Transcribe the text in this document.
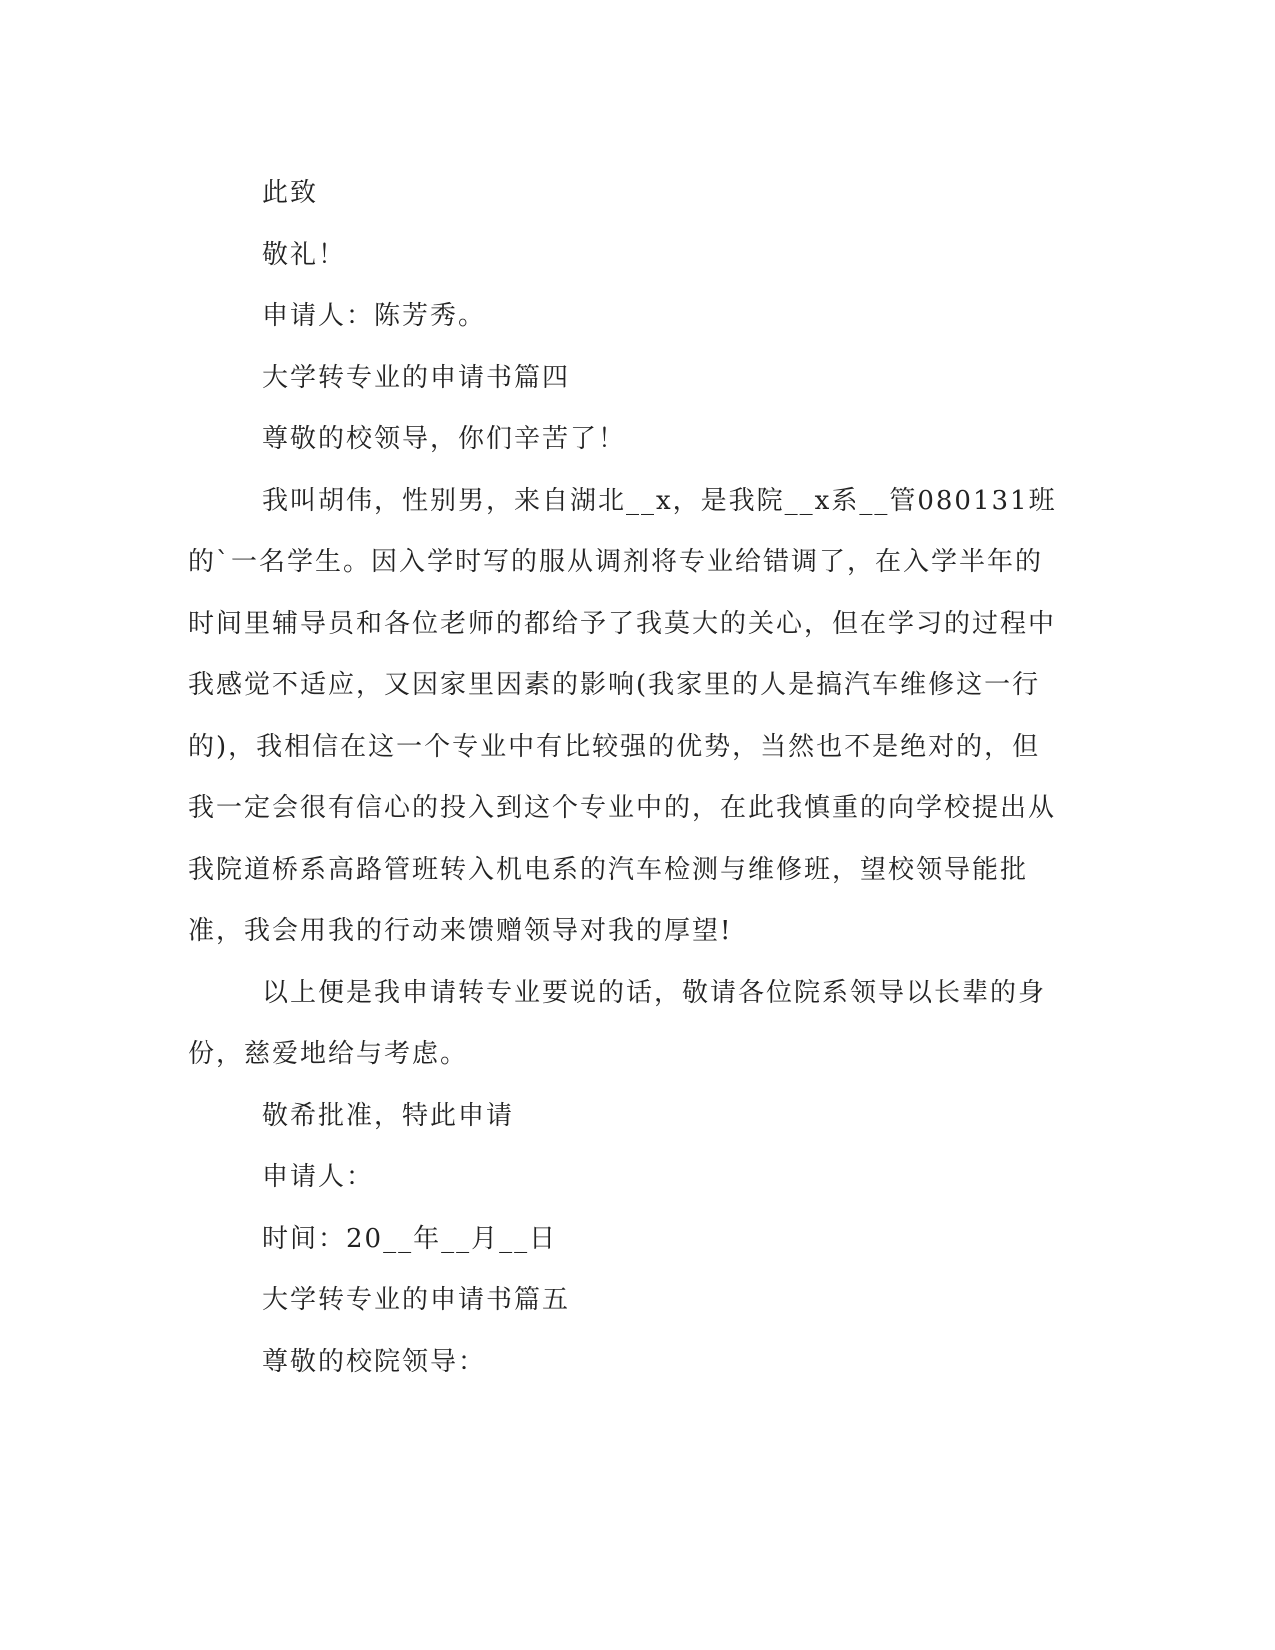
此致

敬礼！

申请人：陈芳秀。

大学转专业的申请书篇四

尊敬的校领导，你们辛苦了！

我叫胡伟，性别男，来自湖北__x，是我院__x系__管080131班的`一名学生。因入学时写的服从调剂将专业给错调了，在入学半年的时间里辅导员和各位老师的都给予了我莫大的关心，但在学习的过程中我感觉不适应，又因家里因素的影响(我家里的人是搞汽车维修这一行的)，我相信在这一个专业中有比较强的优势，当然也不是绝对的，但我一定会很有信心的投入到这个专业中的，在此我慎重的向学校提出从我院道桥系高路管班转入机电系的汽车检测与维修班，望校领导能批准，我会用我的行动来馈赠领导对我的厚望!

以上便是我申请转专业要说的话，敬请各位院系领导以长辈的身份，慈爱地给与考虑。

敬希批准，特此申请

申请人：

时间：20__年__月__日

大学转专业的申请书篇五

尊敬的校院领导：
